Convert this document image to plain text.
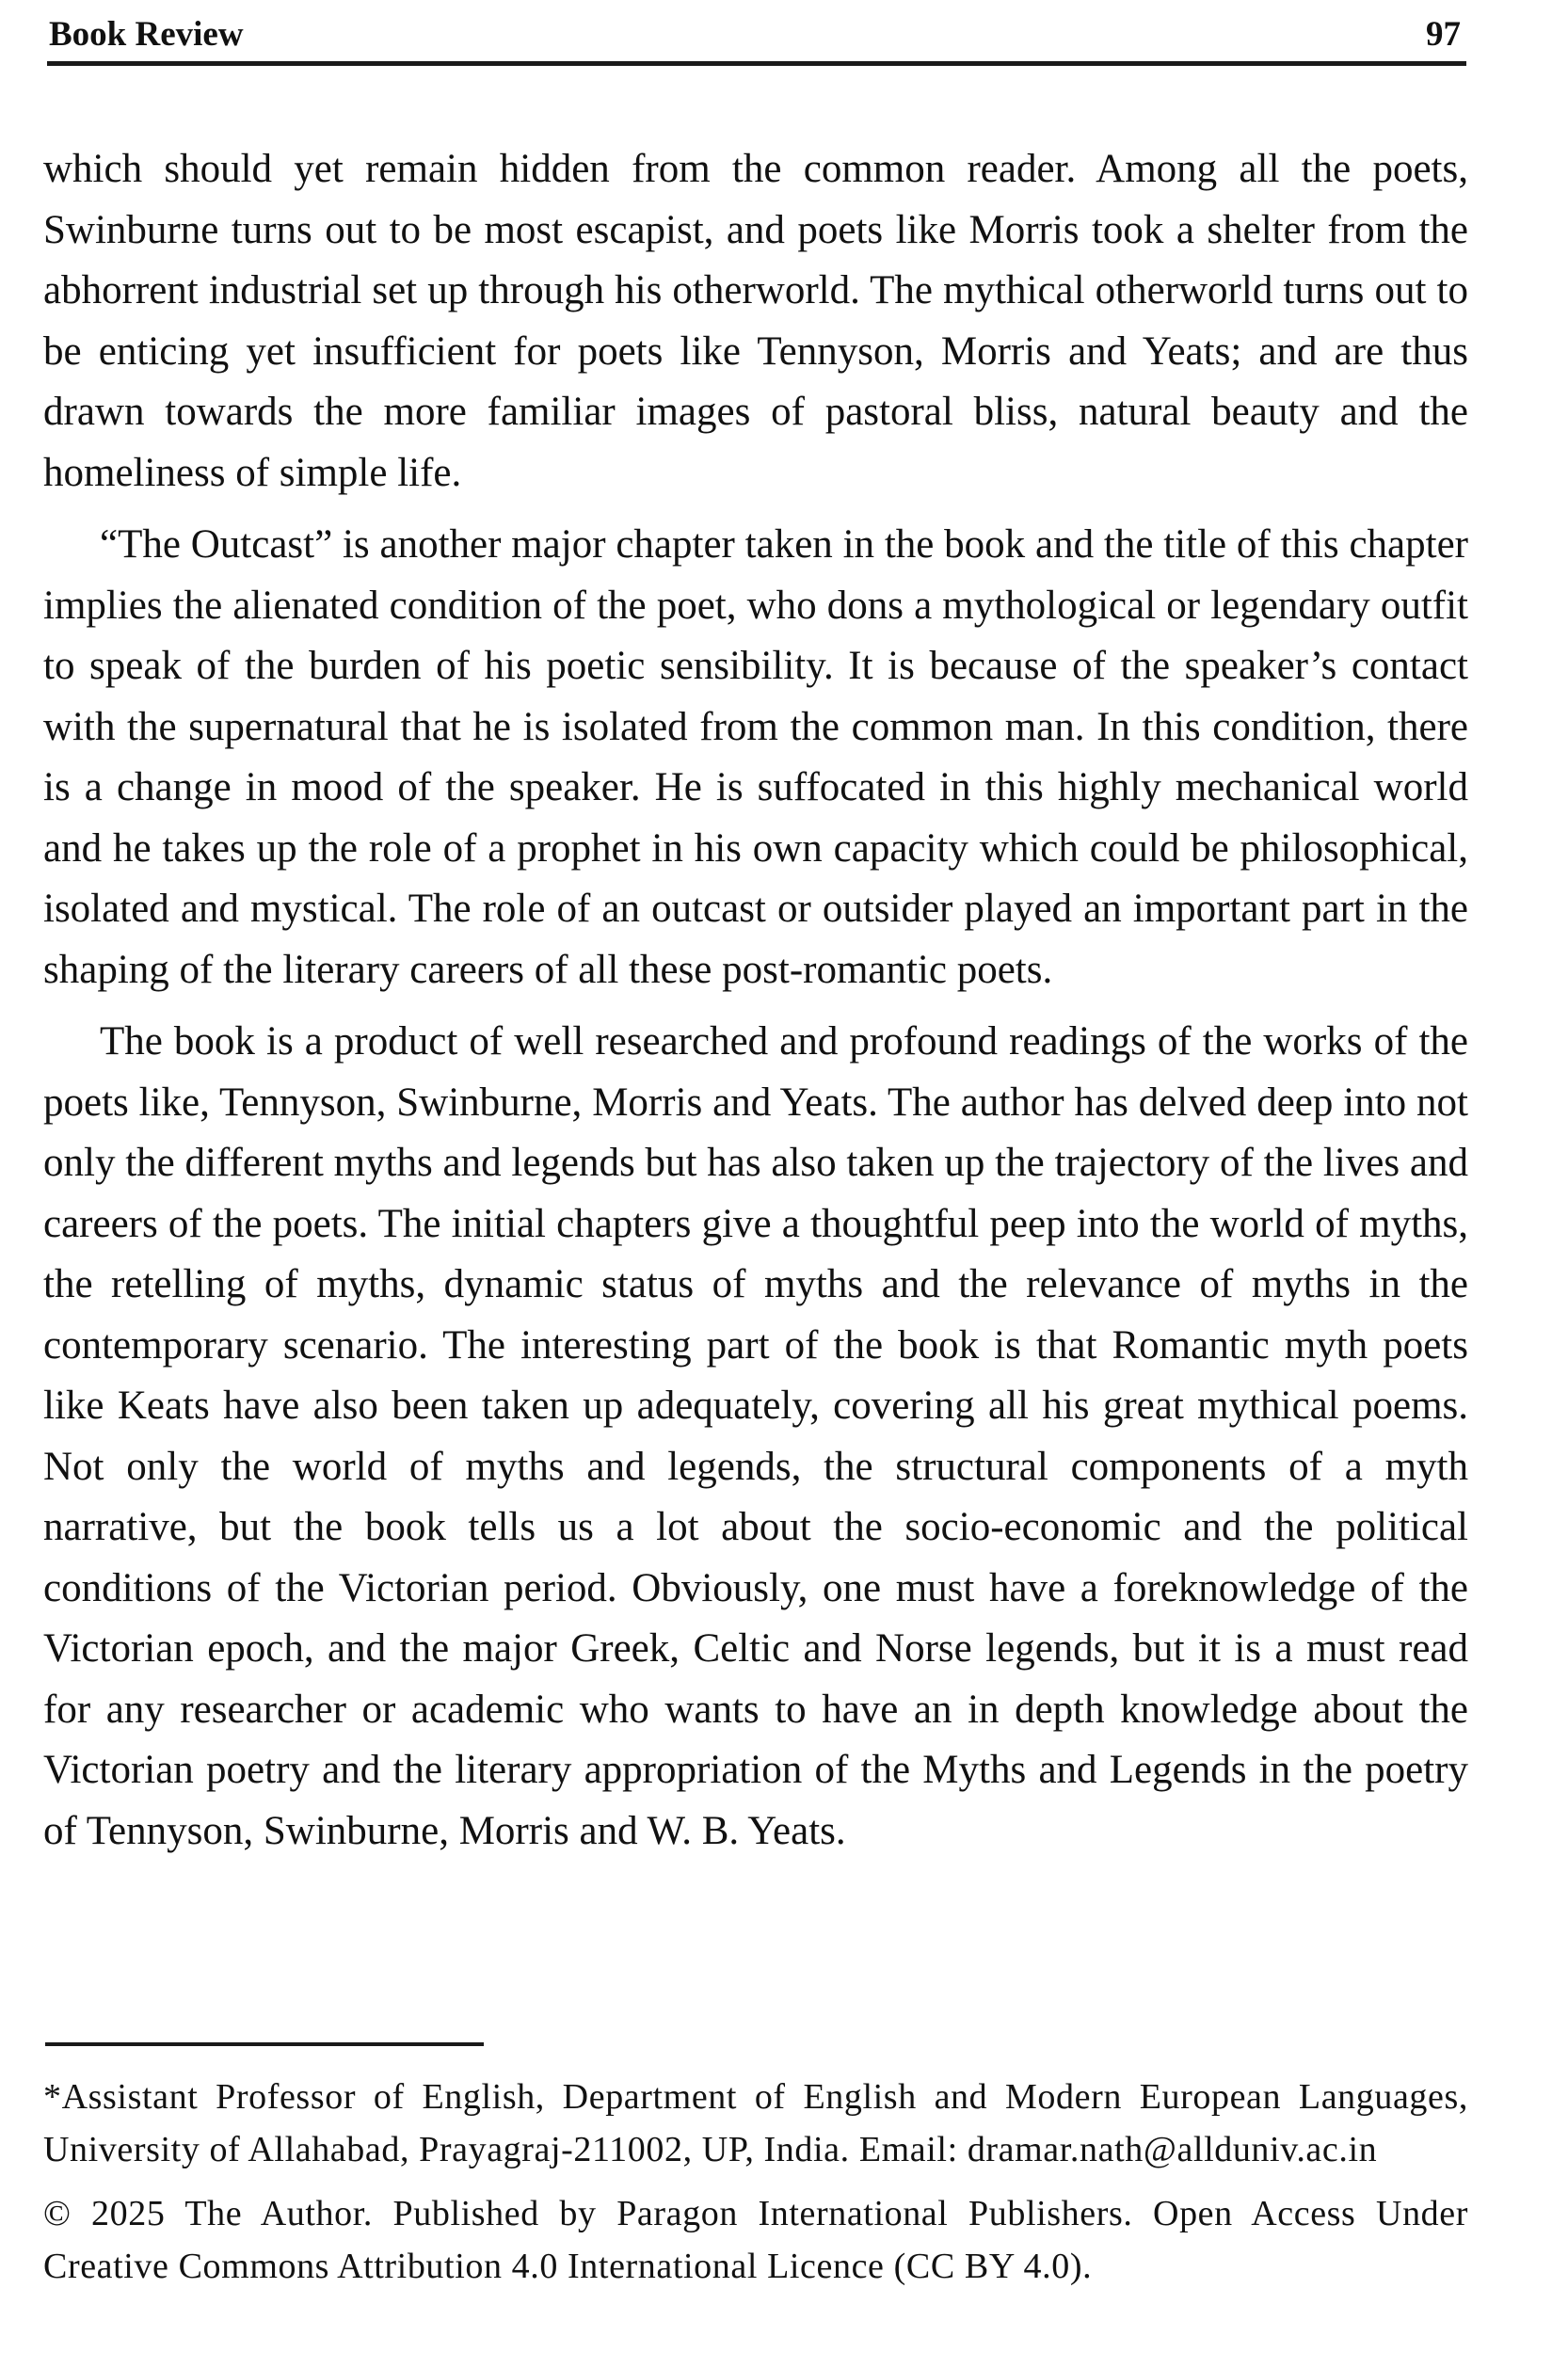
Book Review	97

which should yet remain hidden from the common reader. Among all the poets, Swinburne turns out to be most escapist, and poets like Morris took a shelter from the abhorrent industrial set up through his otherworld. The mythical otherworld turns out to be enticing yet insufficient for poets like Tennyson, Morris and Yeats; and are thus drawn towards the more familiar images of pastoral bliss, natural beauty and the homeliness of simple life.

“The Outcast” is another major chapter taken in the book and the title of this chapter implies the alienated condition of the poet, who dons a mythological or legendary outfit to speak of the burden of his poetic sensibility. It is because of the speaker’s contact with the supernatural that he is isolated from the common man. In this condition, there is a change in mood of the speaker. He is suffocated in this highly mechanical world and he takes up the role of a prophet in his own capacity which could be philosophical, isolated and mystical. The role of an outcast or outsider played an important part in the shaping of the literary careers of all these post-romantic poets.

The book is a product of well researched and profound readings of the works of the poets like, Tennyson, Swinburne, Morris and Yeats. The author has delved deep into not only the different myths and legends but has also taken up the trajectory of the lives and careers of the poets. The initial chapters give a thoughtful peep into the world of myths, the retelling of myths, dynamic status of myths and the relevance of myths in the contemporary scenario. The interesting part of the book is that Romantic myth poets like Keats have also been taken up adequately, covering all his great mythical poems. Not only the world of myths and legends, the structural components of a myth narrative, but the book tells us a lot about the socio-economic and the political conditions of the Victorian period. Obviously, one must have a foreknowledge of the Victorian epoch, and the major Greek, Celtic and Norse legends, but it is a must read for any researcher or academic who wants to have an in depth knowledge about the Victorian poetry and the literary appropriation of the Myths and Legends in the poetry of Tennyson, Swinburne, Morris and W. B. Yeats.

*Assistant Professor of English, Department of English and Modern European Languages, University of Allahabad, Prayagraj-211002, UP, India. Email: dramar.nath@allduniv.ac.in

© 2025 The Author. Published by Paragon International Publishers. Open Access Under Creative Commons Attribution 4.0 International Licence (CC BY 4.0).
